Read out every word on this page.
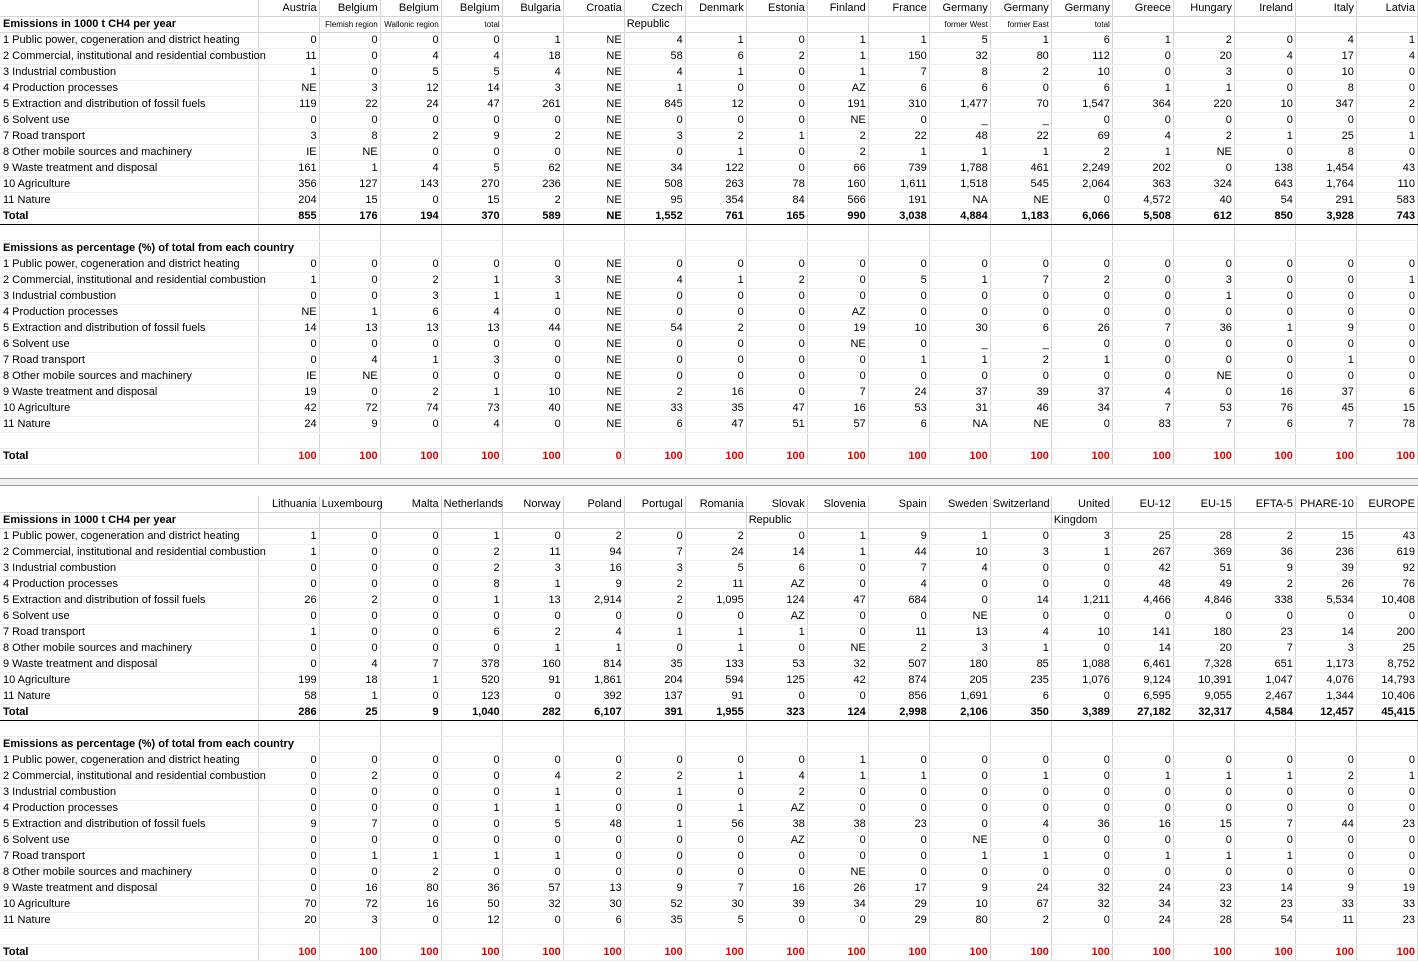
	Austria	Belgium	Belgium	Belgium	Bulgaria	Croatia	Czech	Denmark	Estonia	Finland	France	Germany	Germany	Germany	Greece	Hungary	Ireland	Italy	Latvia
Emissions in 1000 t CH4 per year		Flemish region	Wallonic region	total			Republic					former West	former East	total					
1 Public power, cogeneration and district heating	0	0	0	0	1	NE	4	1	0	1	1	5	1	6	1	2	0	4	1
2 Commercial, institutional and residential combustion	11	0	4	4	18	NE	58	6	2	1	150	32	80	112	0	20	4	17	4
3 Industrial combustion	1	0	5	5	4	NE	4	1	0	1	7	8	2	10	0	3	0	10	0
4 Production processes	NE	3	12	14	3	NE	1	0	0	AZ	6	6	0	6	1	1	0	8	0
5 Extraction and distribution of fossil fuels	119	22	24	47	261	NE	845	12	0	191	310	1,477	70	1,547	364	220	10	347	2
6 Solvent use	0	0	0	0	0	NE	0	0	0	NE	0	_	_	0	0	0	0	0	0
7 Road transport	3	8	2	9	2	NE	3	2	1	2	22	48	22	69	4	2	1	25	1
8 Other mobile sources and machinery	IE	NE	0	0	0	NE	0	1	0	2	1	1	1	2	1	NE	0	8	0
9 Waste treatment and disposal	161	1	4	5	62	NE	34	122	0	66	739	1,788	461	2,249	202	0	138	1,454	43
10 Agriculture	356	127	143	270	236	NE	508	263	78	160	1,611	1,518	545	2,064	363	324	643	1,764	110
11 Nature	204	15	0	15	2	NE	95	354	84	566	191	NA	NE	0	4,572	40	54	291	583
Total	855	176	194	370	589	NE	1,552	761	165	990	3,038	4,884	1,183	6,066	5,508	612	850	3,928	743

Emissions as percentage (%) of total from each country																			
1 Public power, cogeneration and district heating	0	0	0	0	0	NE	0	0	0	0	0	0	0	0	0	0	0	0	0
2 Commercial, institutional and residential combustion	1	0	2	1	3	NE	4	1	2	0	5	1	7	2	0	3	0	0	1
3 Industrial combustion	0	0	3	1	1	NE	0	0	0	0	0	0	0	0	0	1	0	0	0
4 Production processes	NE	1	6	4	0	NE	0	0	0	AZ	0	0	0	0	0	0	0	0	0
5 Extraction and distribution of fossil fuels	14	13	13	13	44	NE	54	2	0	19	10	30	6	26	7	36	1	9	0
6 Solvent use	0	0	0	0	0	NE	0	0	0	NE	0	_	_	0	0	0	0	0	0
7 Road transport	0	4	1	3	0	NE	0	0	0	0	1	1	2	1	0	0	0	1	0
8 Other mobile sources and machinery	IE	NE	0	0	0	NE	0	0	0	0	0	0	0	0	0	NE	0	0	0
9 Waste treatment and disposal	19	0	2	1	10	NE	2	16	0	7	24	37	39	37	4	0	16	37	6
10 Agriculture	42	72	74	73	40	NE	33	35	47	16	53	31	46	34	7	53	76	45	15
11 Nature	24	9	0	4	0	NE	6	47	51	57	6	NA	NE	0	83	7	6	7	78

Total	100	100	100	100	100	0	100	100	100	100	100	100	100	100	100	100	100	100	100
	Lithuania	Luxembourg	Malta	Netherlands	Norway	Poland	Portugal	Romania	Slovak	Slovenia	Spain	Sweden	Switzerland	United	EU-12	EU-15	EFTA-5	PHARE-10	EUROPE
Emissions in 1000 t CH4 per year									Republic					Kingdom					
1 Public power, cogeneration and district heating	1	0	0	1	0	2	0	2	0	1	9	1	0	3	25	28	2	15	43
2 Commercial, institutional and residential combustion	1	0	0	2	11	94	7	24	14	1	44	10	3	1	267	369	36	236	619
3 Industrial combustion	0	0	0	2	3	16	3	5	6	0	7	4	0	0	42	51	9	39	92
4 Production processes	0	0	0	8	1	9	2	11	AZ	0	4	0	0	0	48	49	2	26	76
5 Extraction and distribution of fossil fuels	26	2	0	1	13	2,914	2	1,095	124	47	684	0	14	1,211	4,466	4,846	338	5,534	10,408
6 Solvent use	0	0	0	0	0	0	0	0	AZ	0	0	NE	0	0	0	0	0	0	0
7 Road transport	1	0	0	6	2	4	1	1	1	0	11	13	4	10	141	180	23	14	200
8 Other mobile sources and machinery	0	0	0	0	1	1	0	1	0	NE	2	3	1	0	14	20	7	3	25
9 Waste treatment and disposal	0	4	7	378	160	814	35	133	53	32	507	180	85	1,088	6,461	7,328	651	1,173	8,752
10 Agriculture	199	18	1	520	91	1,861	204	594	125	42	874	205	235	1,076	9,124	10,391	1,047	4,076	14,793
11 Nature	58	1	0	123	0	392	137	91	0	0	856	1,691	6	0	6,595	9,055	2,467	1,344	10,406
Total	286	25	9	1,040	282	6,107	391	1,955	323	124	2,998	2,106	350	3,389	27,182	32,317	4,584	12,457	45,415

Emissions as percentage (%) of total from each country																			
1 Public power, cogeneration and district heating	0	0	0	0	0	0	0	0	0	1	0	0	0	0	0	0	0	0	0
2 Commercial, institutional and residential combustion	0	2	0	0	4	2	2	1	4	1	1	0	1	0	1	1	1	2	1
3 Industrial combustion	0	0	0	0	1	0	1	0	2	0	0	0	0	0	0	0	0	0	0
4 Production processes	0	0	0	1	1	0	0	1	AZ	0	0	0	0	0	0	0	0	0	0
5 Extraction and distribution of fossil fuels	9	7	0	0	5	48	1	56	38	38	23	0	4	36	16	15	7	44	23
6 Solvent use	0	0	0	0	0	0	0	0	AZ	0	0	NE	0	0	0	0	0	0	0
7 Road transport	0	1	1	1	1	0	0	0	0	0	0	1	1	0	1	1	1	0	0
8 Other mobile sources and machinery	0	0	2	0	0	0	0	0	0	NE	0	0	0	0	0	0	0	0	0
9 Waste treatment and disposal	0	16	80	36	57	13	9	7	16	26	17	9	24	32	24	23	14	9	19
10 Agriculture	70	72	16	50	32	30	52	30	39	34	29	10	67	32	34	32	23	33	33
11 Nature	20	3	0	12	0	6	35	5	0	0	29	80	2	0	24	28	54	11	23

Total	100	100	100	100	100	100	100	100	100	100	100	100	100	100	100	100	100	100	100
